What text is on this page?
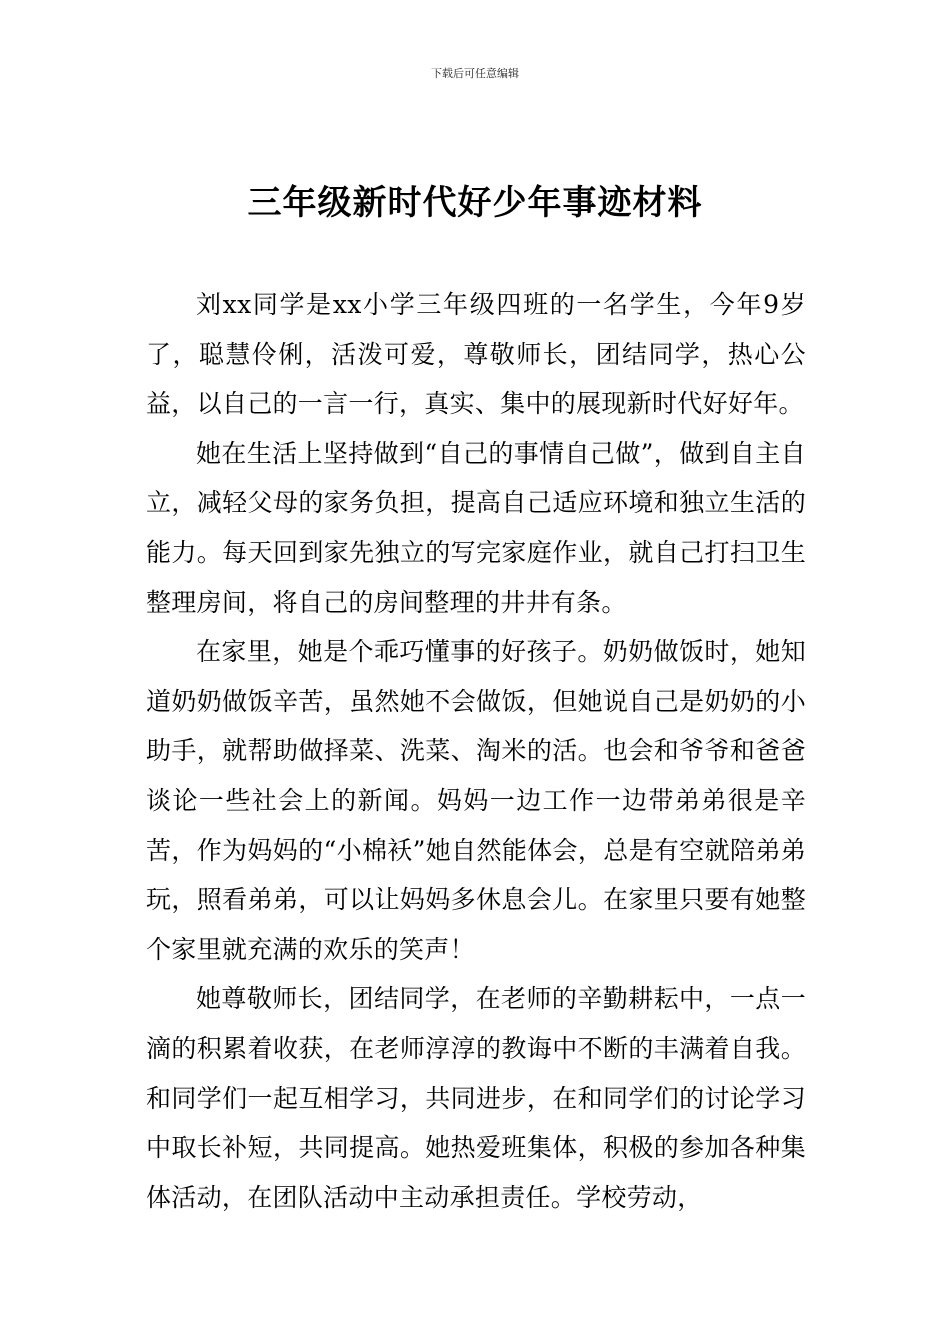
下载后可任意编辑
三年级新时代好少年事迹材料

刘xx同学是xx小学三年级四班的一名学生，今年9岁了，聪慧伶俐，活泼可爱，尊敬师长，团结同学，热心公益，以自己的一言一行，真实、集中的展现新时代好好年。

她在生活上坚持做到“自己的事情自己做”，做到自主自立，减轻父母的家务负担，提高自己适应环境和独立生活的能力。每天回到家先独立的写完家庭作业，就自己打扫卫生整理房间，将自己的房间整理的井井有条。

在家里，她是个乖巧懂事的好孩子。奶奶做饭时，她知道奶奶做饭辛苦，虽然她不会做饭，但她说自己是奶奶的小助手，就帮助做择菜、洗菜、淘米的活。也会和爷爷和爸爸谈论一些社会上的新闻。妈妈一边工作一边带弟弟很是辛苦，作为妈妈的“小棉袄”她自然能体会，总是有空就陪弟弟玩，照看弟弟，可以让妈妈多休息会儿。在家里只要有她整个家里就充满的欢乐的笑声！

她尊敬师长，团结同学，在老师的辛勤耕耘中，一点一滴的积累着收获，在老师淳淳的教诲中不断的丰满着自我。和同学们一起互相学习，共同进步，在和同学们的讨论学习中取长补短，共同提高。她热爱班集体，积极的参加各种集体活动，在团队活动中主动承担责任。学校劳动，
